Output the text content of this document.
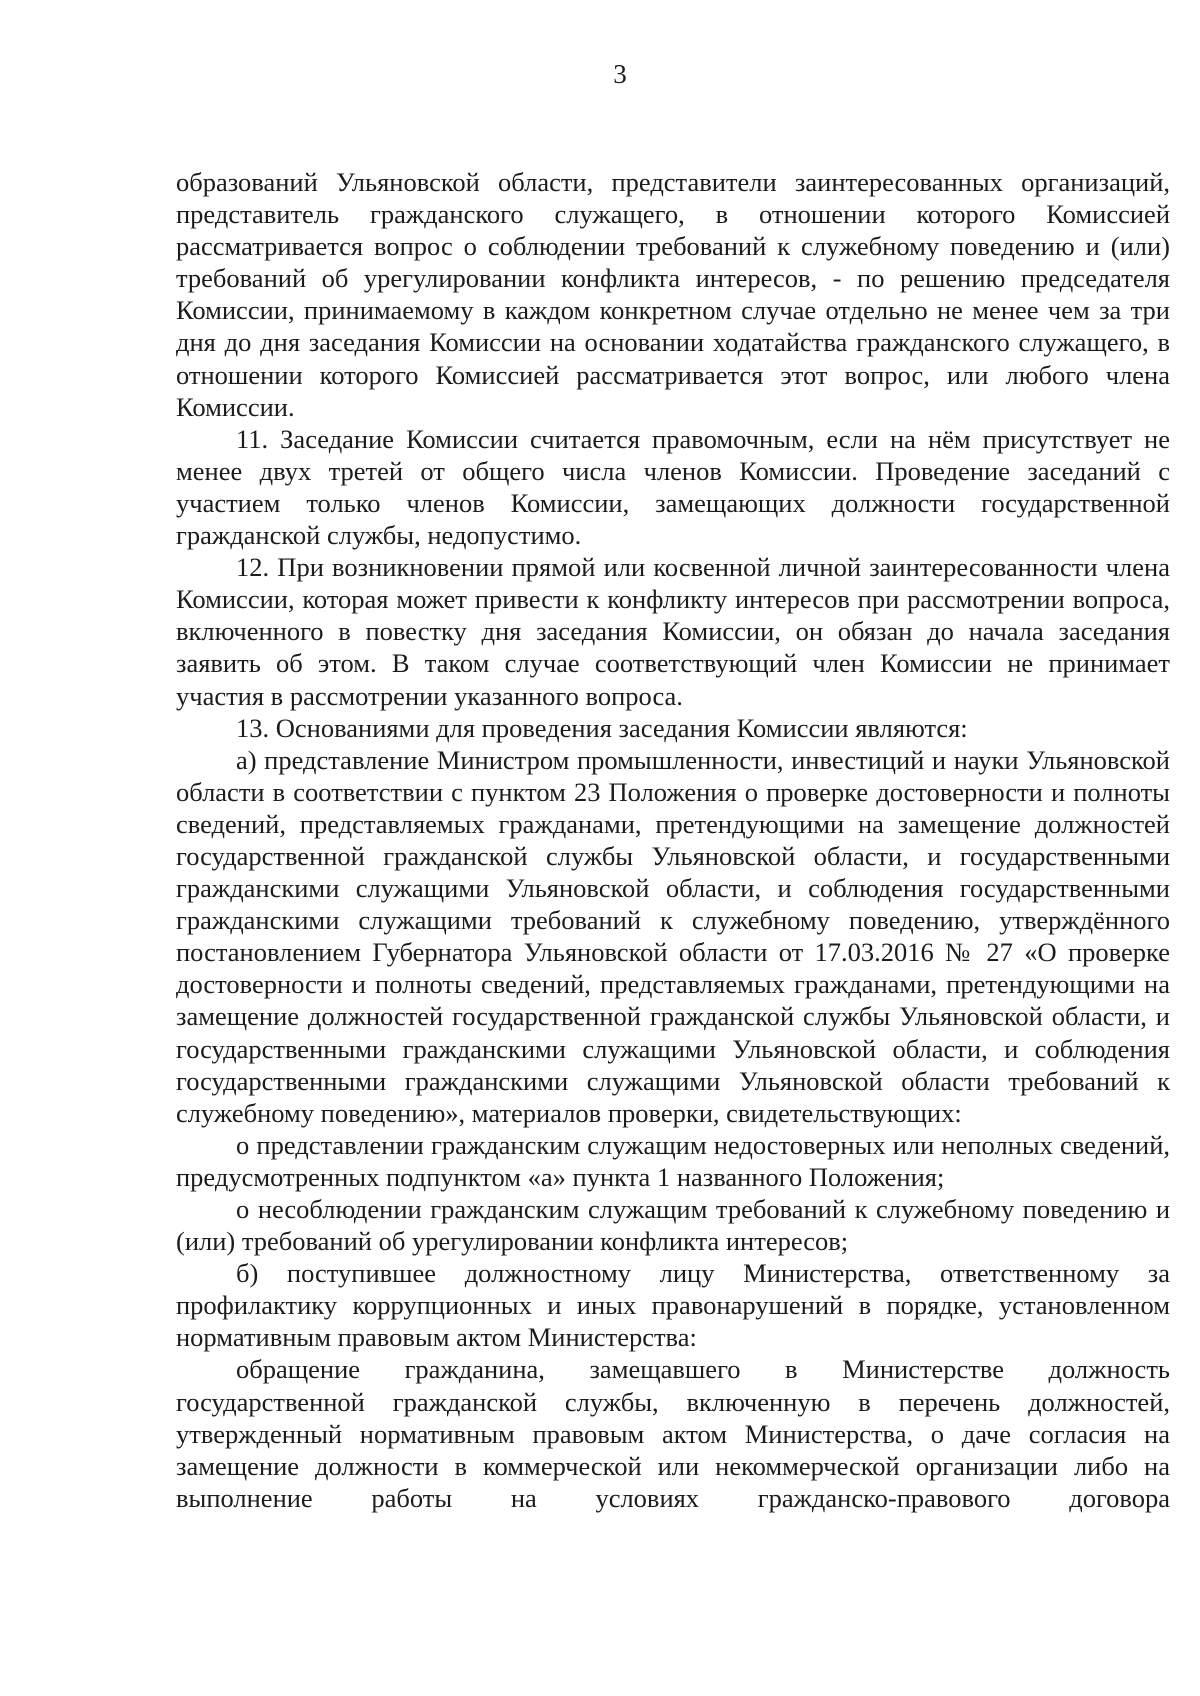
3

образований Ульяновской области, представители заинтересованных организаций, представитель гражданского служащего, в отношении которого Комиссией рассматривается вопрос о соблюдении требований к служебному поведению и (или) требований об урегулировании конфликта интересов, - по решению председателя Комиссии, принимаемому в каждом конкретном случае отдельно не менее чем за три дня до дня заседания Комиссии на основании ходатайства гражданского служащего, в отношении которого Комиссией рассматривается этот вопрос, или любого члена Комиссии.

11. Заседание Комиссии считается правомочным, если на нём присутствует не менее двух третей от общего числа членов Комиссии. Проведение заседаний с участием только членов Комиссии, замещающих должности государственной гражданской службы, недопустимо.

12. При возникновении прямой или косвенной личной заинтересованности члена Комиссии, которая может привести к конфликту интересов при рассмотрении вопроса, включенного в повестку дня заседания Комиссии, он обязан до начала заседания заявить об этом. В таком случае соответствующий член Комиссии не принимает участия в рассмотрении указанного вопроса.

13. Основаниями для проведения заседания Комиссии являются:

а) представление Министром промышленности, инвестиций и науки Ульяновской области в соответствии с пунктом 23 Положения о проверке достоверности и полноты сведений, представляемых гражданами, претендующими на замещение должностей государственной гражданской службы Ульяновской области, и государственными гражданскими служащими Ульяновской области, и соблюдения государственными гражданскими служащими требований к служебному поведению, утверждённого постановлением Губернатора Ульяновской области от 17.03.2016 № 27 «О проверке достоверности и полноты сведений, представляемых гражданами, претендующими на замещение должностей государственной гражданской службы Ульяновской области, и государственными гражданскими служащими Ульяновской области, и соблюдения государственными гражданскими служащими Ульяновской области требований к служебному поведению», материалов проверки, свидетельствующих:

о представлении гражданским служащим недостоверных или неполных сведений, предусмотренных подпунктом «а» пункта 1 названного Положения;

о несоблюдении гражданским служащим требований к служебному поведению и (или) требований об урегулировании конфликта интересов;

б) поступившее должностному лицу Министерства, ответственному за профилактику коррупционных и иных правонарушений в порядке, установленном нормативным правовым актом Министерства:

обращение гражданина, замещавшего в Министерстве должность государственной гражданской службы, включенную в перечень должностей, утвержденный нормативным правовым актом Министерства, о даче согласия на замещение должности в коммерческой или некоммерческой организации либо на выполнение работы на условиях гражданско-правового договора
